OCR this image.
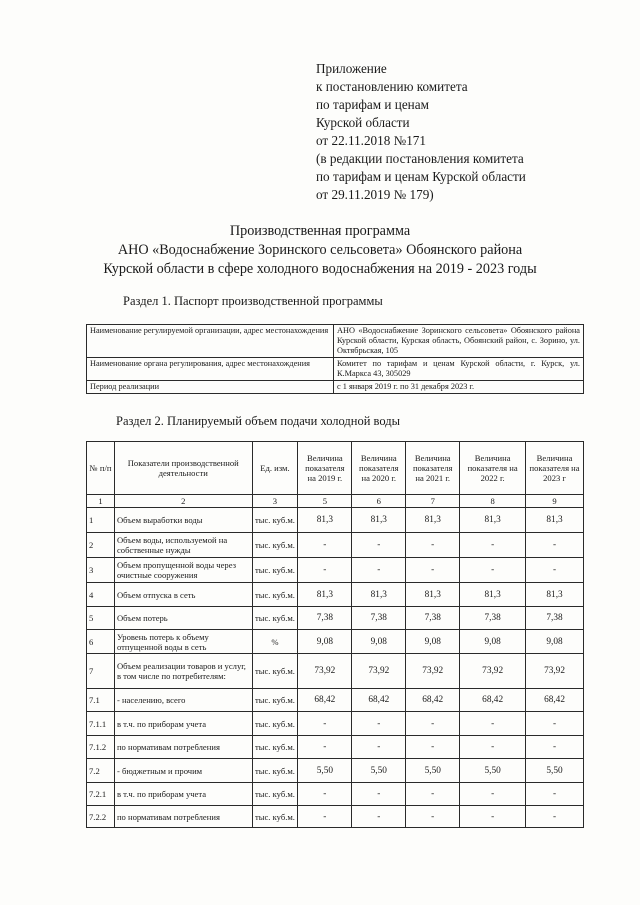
Приложение
к постановлению комитета
по тарифам и ценам
Курской области
от 22.11.2018 №171
(в редакции постановления комитета
по тарифам и ценам Курской области
от 29.11.2019 № 179)
Производственная программа
АНО «Водоснабжение Зоринского сельсовета» Обоянского района
Курской области в сфере холодного водоснабжения на 2019 - 2023 годы
Раздел 1. Паспорт производственной программы
Наименование регулируемой организации, адрес местонахождения	АНО «Водоснабжение Зоринского сельсовета» Обоянского района Курской области, Курская область, Обоянский район, с. Зорино, ул. Октябрьская, 105
Наименование органа регулирования, адрес местонахождения	Комитет по тарифам и ценам Курской области, г. Курск, ул. К.Маркса 43, 305029
Период реализации	с 1 января 2019 г. по 31 декабря 2023 г.
Раздел 2. Планируемый объем подачи холодной воды
№ п/п	Показатели производственной деятельности	Ед. изм.	Величина показателя на 2019 г.	Величина показателя на 2020 г.	Величина показателя на 2021 г.	Величина показателя на 2022 г.	Величина показателя на 2023 г
1	2	3	5	6	7	8	9
1	Объем выработки воды	тыс. куб.м.	81,3	81,3	81,3	81,3	81,3
2	Объем воды, используемой на собственные нужды	тыс. куб.м.	-	-	-	-	-
3	Объем пропущенной воды через очистные сооружения	тыс. куб.м.	-	-	-	-	-
4	Объем отпуска в сеть	тыс. куб.м.	81,3	81,3	81,3	81,3	81,3
5	Объем потерь	тыс. куб.м.	7,38	7,38	7,38	7,38	7,38
6	Уровень потерь к объему отпущенной воды в сеть	%	9,08	9,08	9,08	9,08	9,08
7	Объем реализации товаров и услуг, в том числе по потребителям:	тыс. куб.м.	73,92	73,92	73,92	73,92	73,92
7.1	- населению, всего	тыс. куб.м.	68,42	68,42	68,42	68,42	68,42
7.1.1	в т.ч. по приборам учета	тыс. куб.м.	-	-	-	-	-
7.1.2	по нормативам потребления	тыс. куб.м.	-	-	-	-	-
7.2	- бюджетным и прочим	тыс. куб.м.	5,50	5,50	5,50	5,50	5,50
7.2.1	в т.ч. по приборам учета	тыс. куб.м.	-	-	-	-	-
7.2.2	по нормативам потребления	тыс. куб.м.	-	-	-	-	-
